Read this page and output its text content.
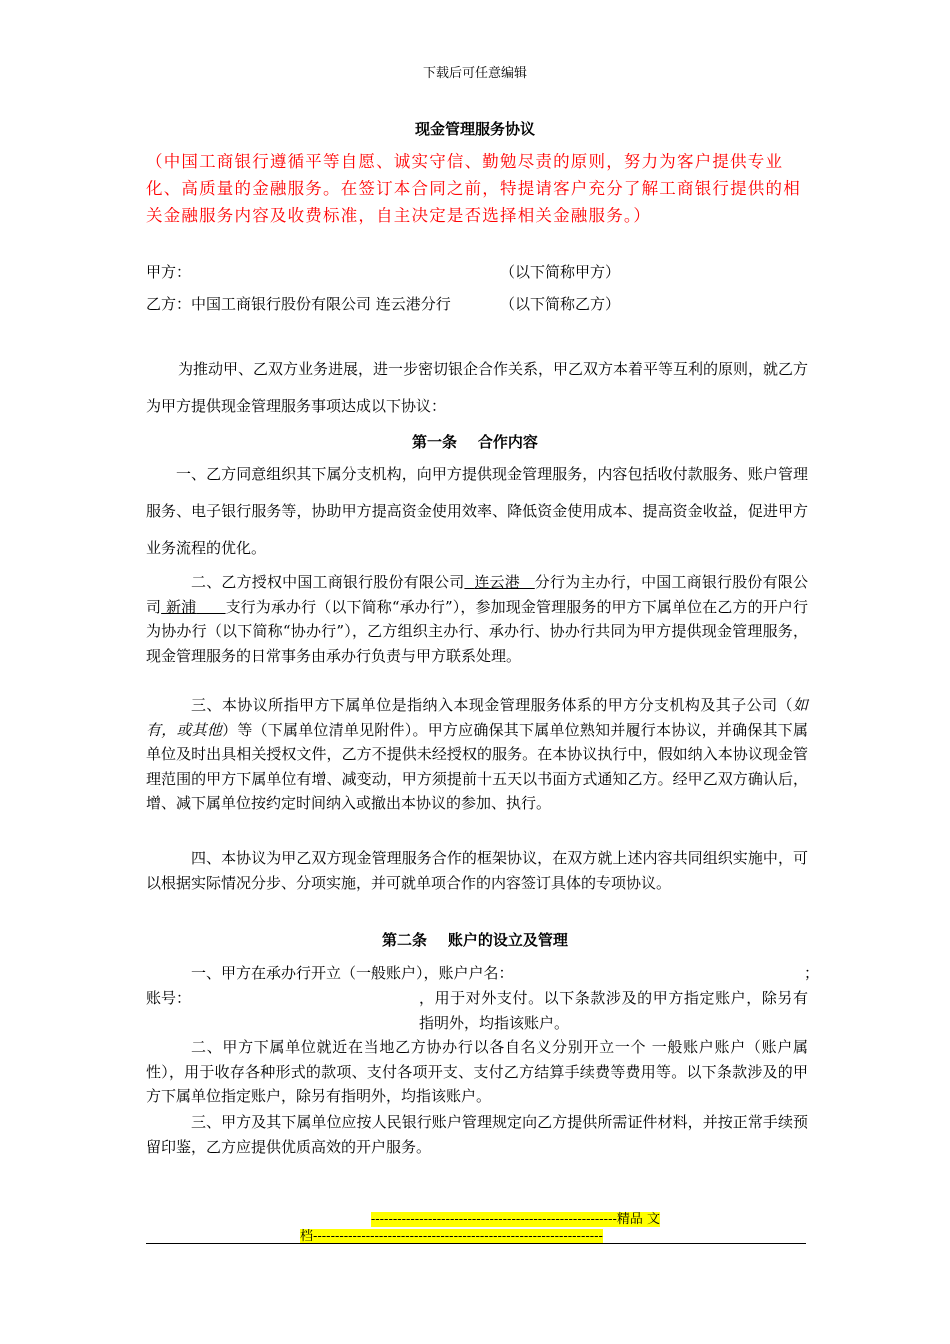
下载后可任意编辑

现金管理服务协议

（中国工商银行遵循平等自愿、诚实守信、勤勉尽责的原则，努力为客户提供专业化、高质量的金融服务。在签订本合同之前，特提请客户充分了解工商银行提供的相关金融服务内容及收费标准，自主决定是否选择相关金融服务。）

甲方：	（以下简称甲方）

乙方： 中国工商银行股份有限公司 连云港分行	（以下简称乙方）

为推动甲、乙双方业务进展，进一步密切银企合作关系，甲乙双方本着平等互利的原则，就乙方为甲方提供现金管理服务事项达成以下协议：

第一条    合作内容

一、乙方同意组织其下属分支机构，向甲方提供现金管理服务，内容包括收付款服务、账户管理服务、电子银行服务等，协助甲方提高资金使用效率、降低资金使用成本、提高资金收益，促进甲方业务流程的优化。

二、乙方授权中国工商银行股份有限公司 连云港 分行为主办行，中国工商银行股份有限公司 新浦 支行为承办行（以下简称“承办行”），参加现金管理服务的甲方下属单位在乙方的开户行为协办行（以下简称“协办行”），乙方组织主办行、承办行、协办行共同为甲方提供现金管理服务，现金管理服务的日常事务由承办行负责与甲方联系处理。

三、本协议所指甲方下属单位是指纳入本现金管理服务体系的甲方分支机构及其子公司（如有，或其他）等（下属单位清单见附件）。甲方应确保其下属单位熟知并履行本协议，并确保其下属单位及时出具相关授权文件，乙方不提供未经授权的服务。在本协议执行中，假如纳入本协议现金管理范围的甲方下属单位有增、减变动，甲方须提前十五天以书面方式通知乙方。经甲乙双方确认后，增、减下属单位按约定时间纳入或撤出本协议的参加、执行。

四、本协议为甲乙双方现金管理服务合作的框架协议，在双方就上述内容共同组织实施中，可以根据实际情况分步、分项实施，并可就单项合作的内容签订具体的专项协议。

第二条    账户的设立及管理

一、甲方在承办行开立（一般账户），账户户名：	；

账号：	，用于对外支付。以下条款涉及的甲方指定账户，除另有指明外，均指该账户。

二、甲方下属单位就近在当地乙方协办行以各自名义分别开立一个 一般账户账户（账户属性），用于收存各种形式的款项、支付各项开支、支付乙方结算手续费等费用等。以下条款涉及的甲方下属单位指定账户，除另有指明外，均指该账户。

三、甲方及其下属单位应按人民银行账户管理规定向乙方提供所需证件材料，并按正常手续预留印鉴，乙方应提供优质高效的开户服务。

--------------------------------------------------------精品 文

档------------------------------------------------------------------
